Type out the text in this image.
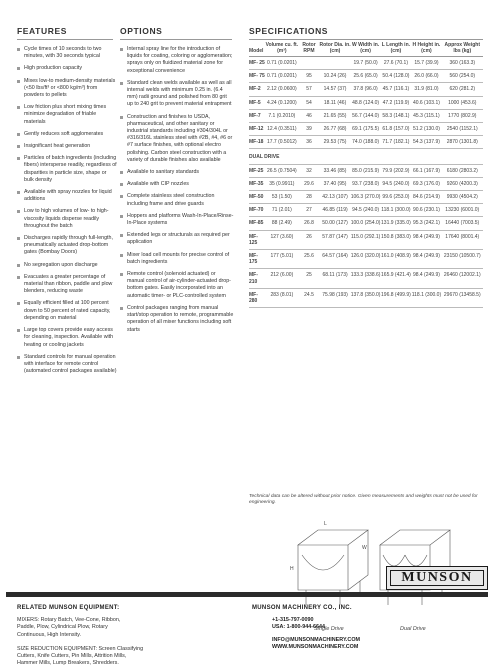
FEATURES
Cycle times of 10 seconds to two minutes, with 30 seconds typical
High production capacity
Mixes low-to medium-density materials (<50 lbs/ft³ or <800 kg/m³) from powders to pellets
Low friction plus short mixing times minimize degradation of friable materials
Gently reduces soft agglomerates
Insignificant heat generation
Particles of batch ingredients (including fibers) intersperse readily, regardless of disparities in particle size, shape or bulk density
Available with spray nozzles for liquid additions
Low to high volumes of low- to high-viscosity liquids disperse readily throughout the batch
Discharges rapidly through full-length, pneumatically actuated drop-bottom gates (Bombay Doors)
No segregation upon discharge
Evacuates a greater percentage of material than ribbon, paddle and plow blenders, reducing waste
Equally efficient filled at 100 percent down to 50 percent of rated capacity, depending on material
Large top covers provide easy access for cleaning, inspection. Available with heating or cooling jackets
Standard controls for manual operation with interface for remote control (automated control packages available)
OPTIONS
Internal spray line for the introduction of liquids for coating, coloring or agglomeration; sprays only on fluidized material zone for exceptional convenience
Standard clean welds available as well as all internal welds with minimum 0.25 in. (6.4 mm) radii ground and polished from 80 grit up to 240 grit to prevent material entrapment
Construction and finishes to USDA, pharmaceutical, and other sanitary or industrial standards including #304/304L or #316/316L stainless steel with #2B, #4, #6 or #7 surface finishes, with optional electro polishing. Carbon steel construction with a variety of durable finishes also available
Available to sanitary standards
Available with CIP nozzles
Complete stainless steel construction including frame and drive guards
Hoppers and platforms Wash-In-Place/Rinse-In-Place systems
Extended legs or structurals as required per application
Mixer load cell mounts for precise control of batch ingredients
Remote control (solenoid actuated) or manual control of air-cylinder-actuated drop-bottom gates. Easily incorporated into an automatic timer- or PLC-controlled system
Control packages ranging from manual start/stop operation to remote, programmable operation of all mixer functions including soft starts
SPECIFICATIONS
Model	Volume cu. ft. (m³)	Rotor RPM	Rotor Dia. in. (cm)	W Width in. (cm)	L Length in. (cm)	H Height in. (cm)	Approx Weight lbs (kg)
MF- 25	0.71 (0.0201)			19.7 (50.0)	27.6 (70.1)	15.7 (39.9)	360 (163.3)
MF- 75	0.71 (0.0201)	95	10.24 (26)	25.6 (65.0)	50.4 (128.0)	26.0 (66.0)	560 (254.0)
MF-2	2.12 (0.0600)	57	14.57 (37)	37.8 (96.0)	45.7 (116.1)	31.9 (81.0)	620 (281.2)
MF-5	4.24 (0.1200)	54	18.11 (46)	48.8 (124.0)	47.2 (119.9)	40.6 (103.1)	1000 (453.6)
MF-7	7.1 (0.2010)	46	21.65 (55)	56.7 (144.0)	58.3 (148.1)	45.3 (115.1)	1770 (802.9)
MF-12	12.4 (0.3511)	39	26.77 (68)	69.1 (175.5)	61.8 (157.0)	51.2 (130.0)	2540 (1152.1)
MF-18	17.7 (0.5012)	36	29.53 (75)	74.0 (188.0)	71.7 (182.1)	54.3 (137.9)	2870 (1301.8)
DUAL DRIVE							
MF-25	26.5 (0.7504)	32	33.46 (85)	85.0 (215.9)	79.9 (202.9)	66.1 (167.9)	6180 (2803.2)
MF-35	35 (0.9911)	29.6	37.40 (95)	93.7 (238.0)	94.5 (240.0)	69.3 (176.0)	9260 (4200.3)
MF-50	53 (1.50)	28	42.13 (107)	106.3 (270.0)	99.6 (253.0)	84.6 (214.9)	9930 (4504.2)
MF-70	71 (2.01)	27	46.85 (119)	94.5 (240.0)	118.1 (300.0)	90.6 (230.1)	13230 (6001.0)
MF-85	88 (2.49)	26.8	50.00 (127)	100.0 (254.0)	131.9 (335.0)	95.3 (242.1)	16440 (7003.5)
MF-125	127 (3.60)	26	57.87 (147)	115.0 (292.1)	150.8 (383.0)	98.4 (249.9)	17640 (8001.4)
MF-175	177 (5.01)	25.6	64.57 (164)	126.0 (320.0)	161.0 (408.9)	98.4 (249.9)	23150 (10500.7)
MF-210	212 (6.00)	25	68.11 (173)	133.3 (338.6)	165.9 (421.4)	98.4 (249.9)	26460 (12002.1)
MF-280	283 (8.01)	24.5	75.98 (193)	137.8 (350.0)	196.8 (499.9)	118.1 (300.0)	29670 (13458.5)
Technical data can be altered without prior notice. Given measurements and weights must not be used for engineering.
L
W
H
Single Drive	Dual Drive
MUNSON
RELATED MUNSON EQUIPMENT:
MIXERS: Rotary Batch, Vee-Cone, Ribbon,
Paddle, Plow, Cylindrical Plow, Rotary
Continuous, High Intensity.
SIZE REDUCTION EQUIPMENT: Screen Classifying
Cutters, Knife Cutters, Pin Mills, Attrition Mills,
Hammer Mills, Lump Breakers, Shredders.
MUNSON MACHINERY CO., INC.
+1-315-797-0090
USA: 1-800-944-6644
INFO@MUNSONMACHINERY.COM
WWW.MUNSONMACHINERY.COM
